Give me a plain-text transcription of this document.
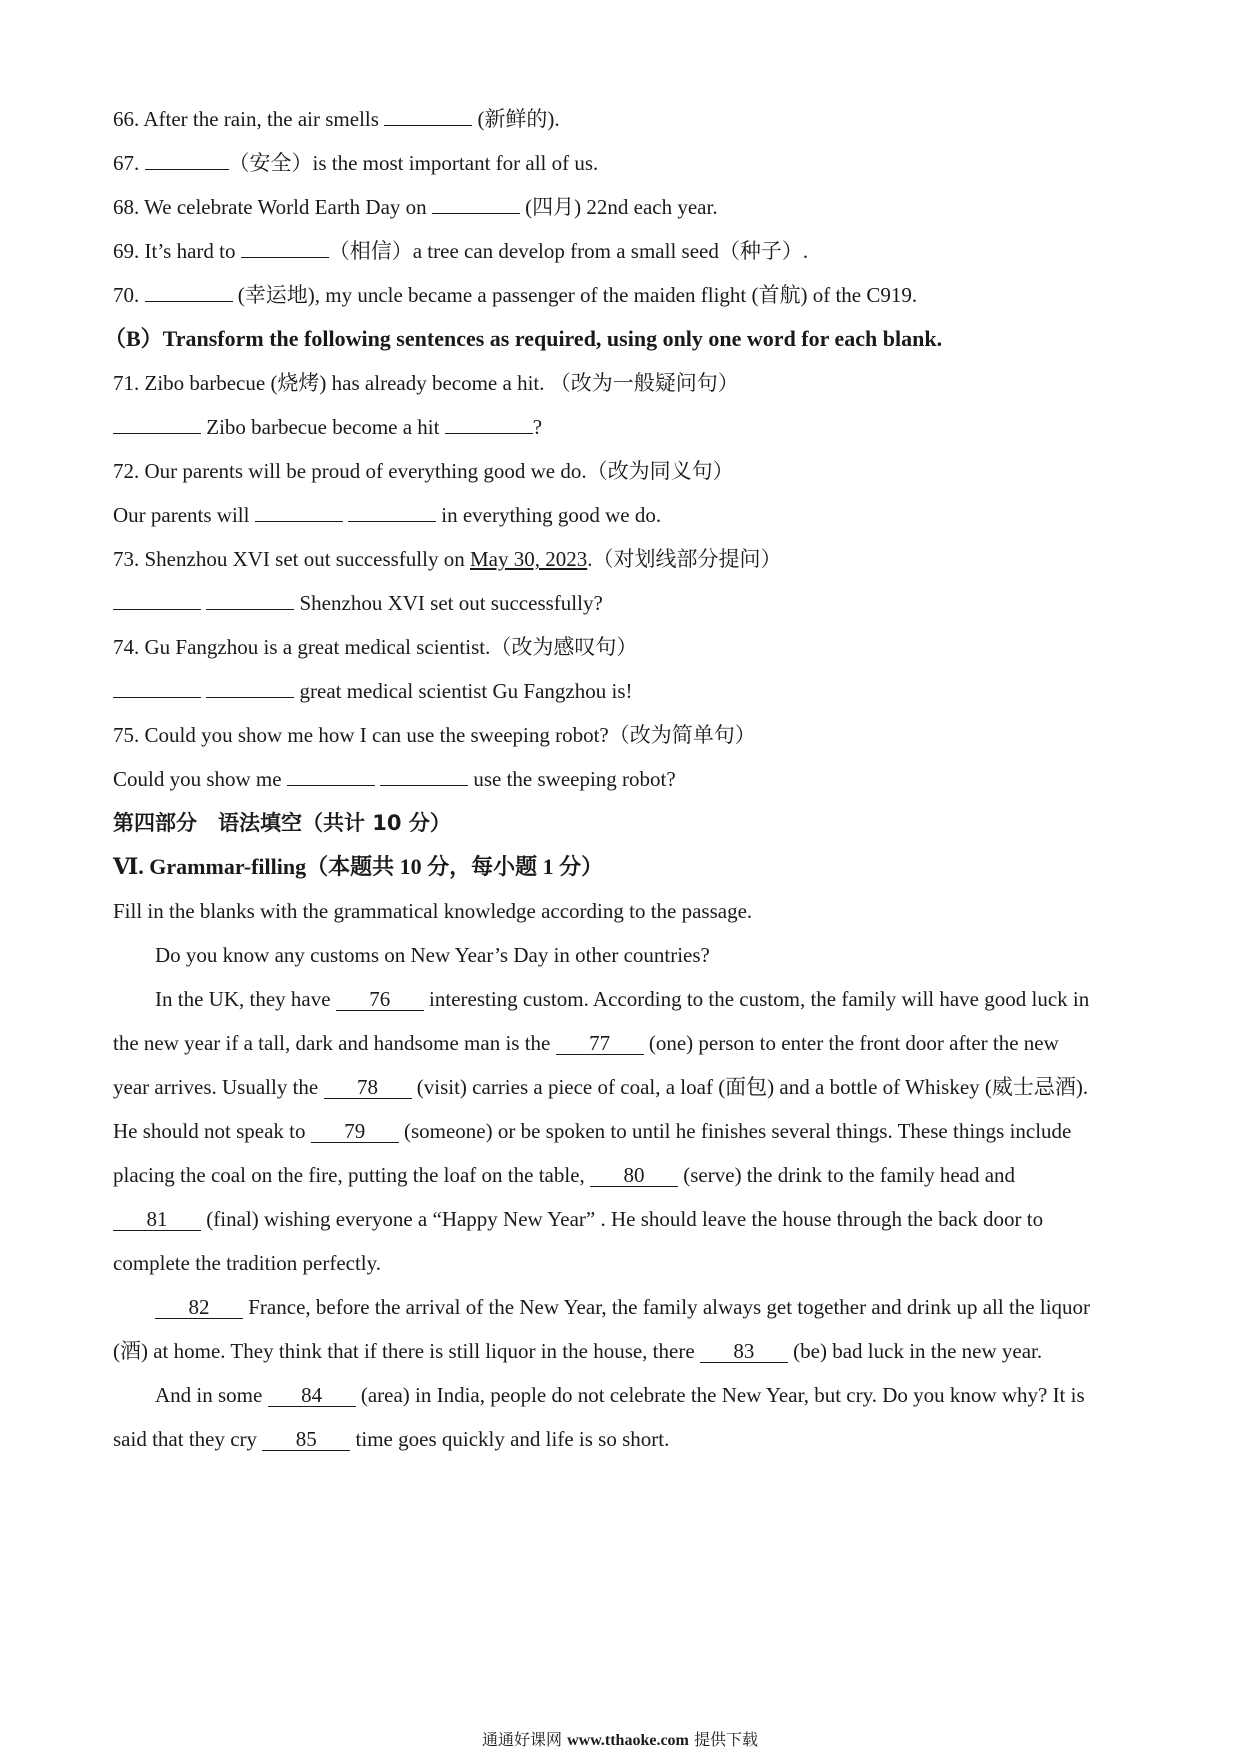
66. After the rain, the air smells	(新鲜的).
67.	（安全）is the most important for all of us.
68. We celebrate World Earth Day on	(四月) 22nd each year.
69. It’s hard to	（相信）a tree can develop from a small seed（种子）.
70.	(幸运地), my uncle became a passenger of the maiden flight (首航) of the C919.
（B）Transform the following sentences as required, using only one word for each blank.
71. Zibo barbecue (烧烤) has already become a hit. （改为一般疑问句）
Zibo barbecue become a hit	?
72. Our parents will be proud of everything good we do.（改为同义句）
Our parents will	in everything good we do.
73. Shenzhou XVI set out successfully on May 30, 2023.（对划线部分提问）
Shenzhou XVI set out successfully?
74. Gu Fangzhou is a great medical scientist.（改为感叹句）
great medical scientist Gu Fangzhou is!
75. Could you show me how I can use the sweeping robot?（改为简单句）
Could you show me	use the sweeping robot?
第四部分　语法填空（共计 10 分）
Ⅵ. Grammar-filling（本题共 10 分，每小题 1 分）
Fill in the blanks with the grammatical knowledge according to the passage.
Do you know any customs on New Year’s Day in other countries?
In the UK, they have 76 interesting custom. According to the custom, the family will have good luck in
the new year if a tall, dark and handsome man is the 77 (one) person to enter the front door after the new
year arrives. Usually the 78 (visit) carries a piece of coal, a loaf (面包) and a bottle of Whiskey (威士忌酒).
He should not speak to 79 (someone) or be spoken to until he finishes several things. These things include
placing the coal on the fire, putting the loaf on the table, 80 (serve) the drink to the family head and
81 (final) wishing everyone a “Happy New Year” . He should leave the house through the back door to
complete the tradition perfectly.
82 France, before the arrival of the New Year, the family always get together and drink up all the liquor
(酒) at home. They think that if there is still liquor in the house, there 83 (be) bad luck in the new year.
And in some 84 (area) in India, people do not celebrate the New Year, but cry. Do you know why? It is
said that they cry 85 time goes quickly and life is so short.
通通好课网 www.tthaoke.com 提供下载
